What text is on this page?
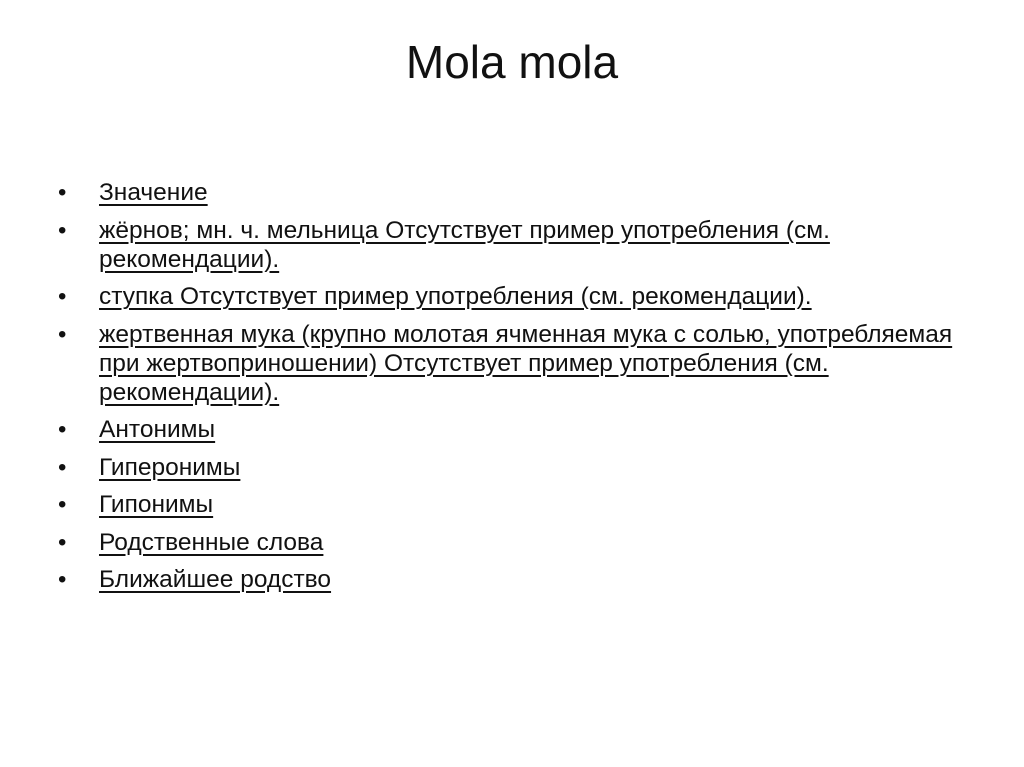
Mola mola
•	Значение
•	жёрнов; мн. ч. мельница Отсутствует пример употребления (см. рекомендации).
•	ступка Отсутствует пример употребления (см. рекомендации).
•	жертвенная мука (крупно молотая ячменная мука с солью, употребляемая при жертвоприношении) Отсутствует пример употребления (см. рекомендации).
•	Антонимы
•	Гиперонимы
•	Гипонимы
•	Родственные слова
•	Ближайшее родство
